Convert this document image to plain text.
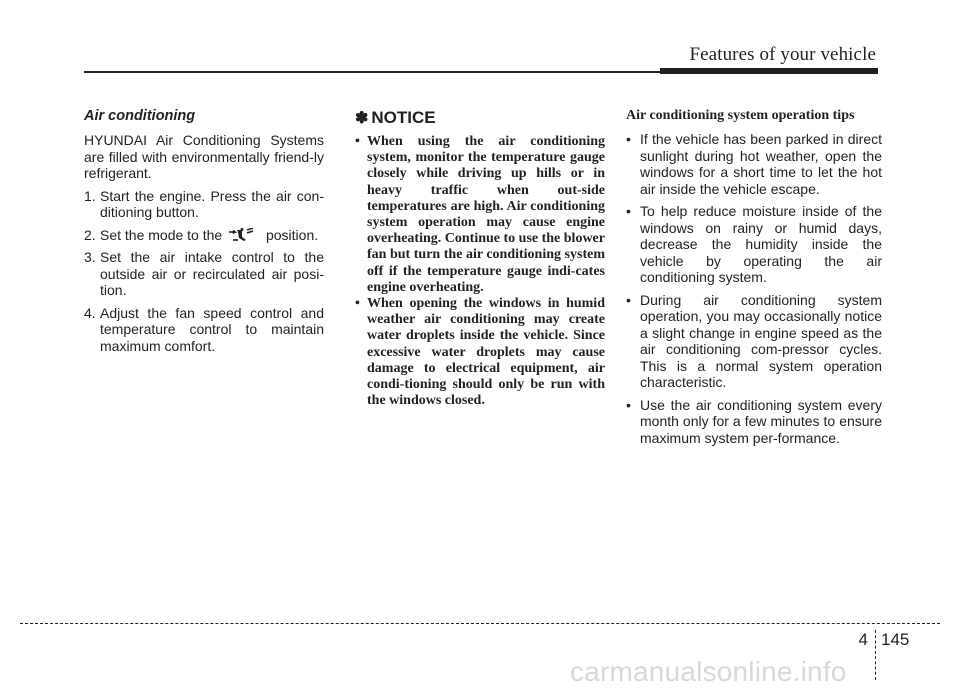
Features of your vehicle
Air conditioning

HYUNDAI Air Conditioning Systems are filled with environmentally friend-ly refrigerant.

1. Start the engine. Press the air con-ditioning button.
2. Set the mode to the	position.
3. Set the air intake control to the outside air or recirculated air posi-tion.
4. Adjust the fan speed control and temperature control to maintain maximum comfort.
✽ NOTICE
• When using the air conditioning system, monitor the temperature gauge closely while driving up hills or in heavy traffic when out-side temperatures are high. Air conditioning system operation may cause engine overheating. Continue to use the blower fan but turn the air conditioning system off if the temperature gauge indi-cates engine overheating.
• When opening the windows in humid weather air conditioning may create water droplets inside the vehicle. Since excessive water droplets may cause damage to electrical equipment, air condi-tioning should only be run with the windows closed.
Air conditioning system operation tips
• If the vehicle has been parked in direct sunlight during hot weather, open the windows for a short time to let the hot air inside the vehicle escape.
• To help reduce moisture inside of the windows on rainy or humid days, decrease the humidity inside the vehicle by operating the air conditioning system.
• During air conditioning system operation, you may occasionally notice a slight change in engine speed as the air conditioning com-pressor cycles. This is a normal system operation characteristic.
• Use the air conditioning system every month only for a few minutes to ensure maximum system per-formance.
4 145
carmanualsonline.info
